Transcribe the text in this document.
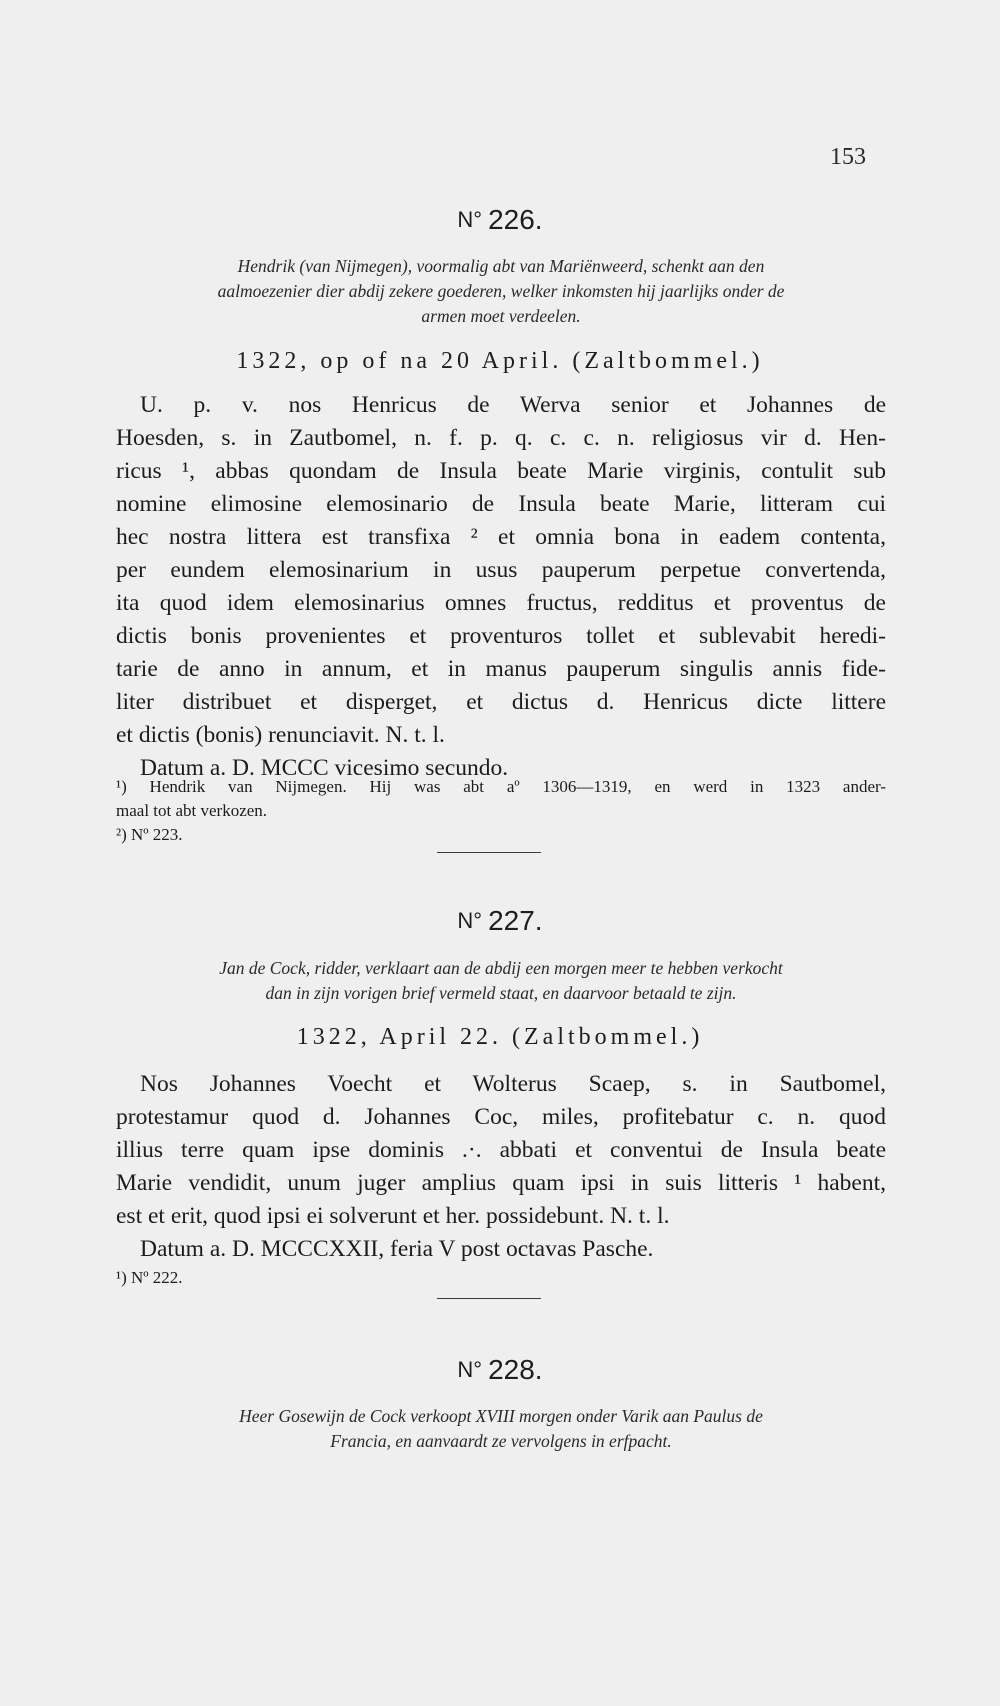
153
N° 226.
Hendrik (van Nijmegen), voormalig abt van Mariënweerd, schenkt aan den
aalmoezenier dier abdij zekere goederen, welker inkomsten hij jaarlijks onder de
armen moet verdeelen.
1322, op of na 20 April. (Zaltbommel.)
U. p. v. nos Henricus de Werva senior et Johannes de
Hoesden, s. in Zautbomel, n. f. p. q. c. c. n. religiosus vir d. Hen-
ricus ¹, abbas quondam de Insula beate Marie virginis, contulit sub
nomine elimosine elemosinario de Insula beate Marie, litteram cui
hec nostra littera est transfixa ² et omnia bona in eadem contenta,
per eundem elemosinarium in usus pauperum perpetue convertenda,
ita quod idem elemosinarius omnes fructus, redditus et proventus de
dictis bonis provenientes et proventuros tollet et sublevabit heredi-
tarie de anno in annum, et in manus pauperum singulis annis fide-
liter distribuet et disperget, et dictus d. Henricus dicte littere
et dictis (bonis) renunciavit. N. t. l.
Datum a. D. MCCC vicesimo secundo.
¹) Hendrik van Nijmegen. Hij was abt aº 1306—1319, en werd in 1323 ander-
maal tot abt verkozen.
²) Nº 223.
N° 227.
Jan de Cock, ridder, verklaart aan de abdij een morgen meer te hebben verkocht
dan in zijn vorigen brief vermeld staat, en daarvoor betaald te zijn.
1322, April 22. (Zaltbommel.)
Nos Johannes Voecht et Wolterus Scaep, s. in Sautbomel,
protestamur quod d. Johannes Coc, miles, profitebatur c. n. quod
illius terre quam ipse dominis .·. abbati et conventui de Insula beate
Marie vendidit, unum juger amplius quam ipsi in suis litteris ¹ habent,
est et erit, quod ipsi ei solverunt et her. possidebunt. N. t. l.
Datum a. D. MCCCXXII, feria V post octavas Pasche.
¹) Nº 222.
N° 228.
Heer Gosewijn de Cock verkoopt XVIII morgen onder Varik aan Paulus de
Francia, en aanvaardt ze vervolgens in erfpacht.
